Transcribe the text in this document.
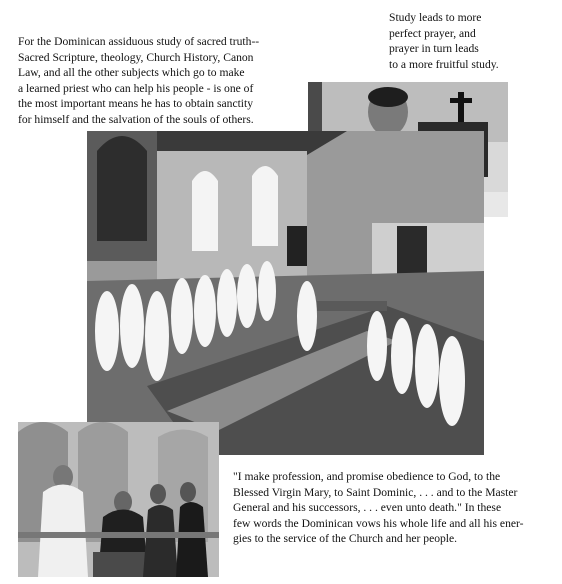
For the Dominican assiduous study of sacred truth--
Sacred Scripture, theology, Church History, Canon
Law, and all the other subjects which go to make
a learned priest who can help his people - is one of
the most important means he has to obtain sanctity
for himself and the salvation of the souls of others.
Study leads to more
perfect prayer, and
prayer in turn leads
to a more fruitful study.
"I make profession, and promise obedience to God, to the
Blessed Virgin Mary, to Saint Dominic, . . . and to the Master
General and his successors, . . . even unto death." In these
few words the Dominican vows his whole life and all his ener-
gies to the service of the Church and her people.
